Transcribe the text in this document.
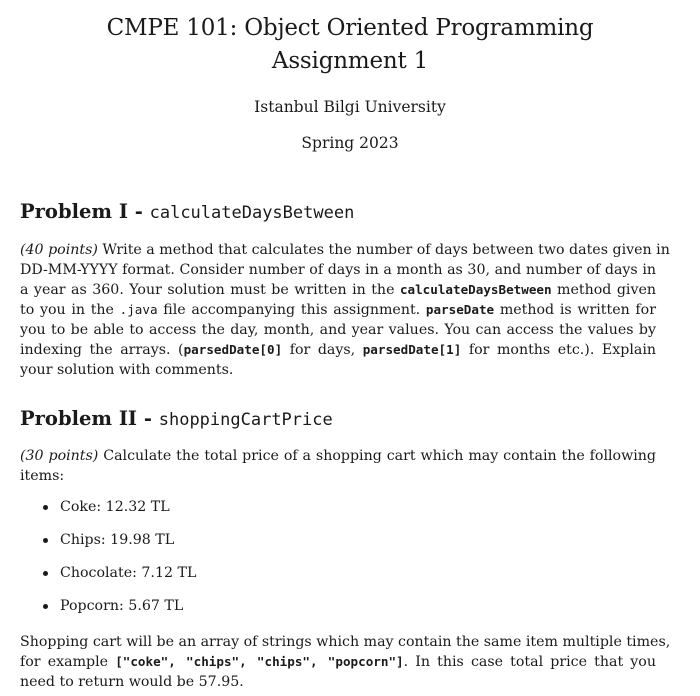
CMPE 101: Object Oriented Programming
Assignment 1
Istanbul Bilgi University
Spring 2023
Problem I - calculateDaysBetween
(40 points) Write a method that calculates the number of days between two dates given in
DD-MM-YYYY format. Consider number of days in a month as 30, and number of days in
a year as 360. Your solution must be written in the calculateDaysBetween method given
to you in the .java file accompanying this assignment. parseDate method is written for
you to be able to access the day, month, and year values. You can access the values by
indexing the arrays. (parsedDate[0] for days, parsedDate[1] for months etc.). Explain
your solution with comments.
Problem II - shoppingCartPrice
(30 points) Calculate the total price of a shopping cart which may contain the following
items:
Coke: 12.32 TL
Chips: 19.98 TL
Chocolate: 7.12 TL
Popcorn: 5.67 TL
Shopping cart will be an array of strings which may contain the same item multiple times,
for example ["coke", "chips", "chips", "popcorn"]. In this case total price that you
need to return would be 57.95.
